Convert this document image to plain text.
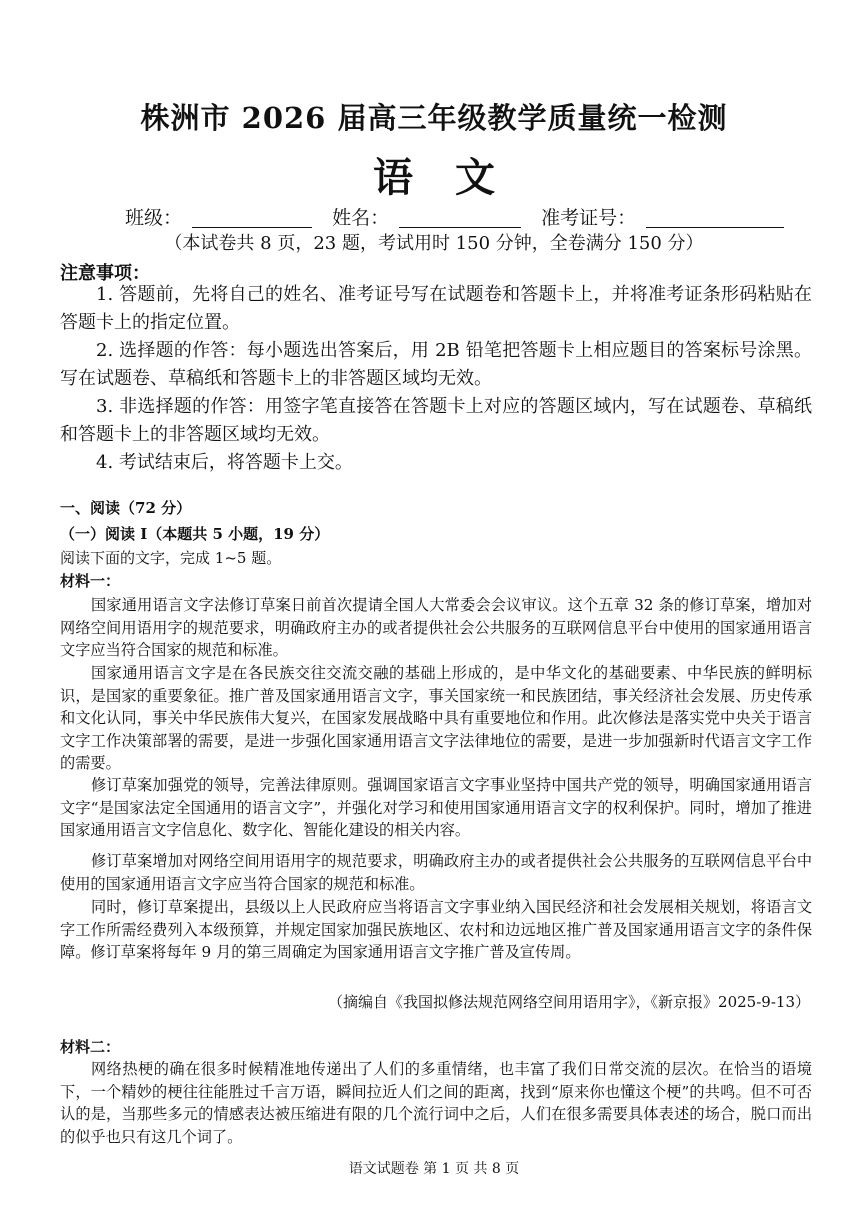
株洲市 2026 届高三年级教学质量统一检测
语文
班级：	姓名：	准考证号：
（本试卷共 8 页，23 题，考试用时 150 分钟，全卷满分 150 分）
注意事项：
1. 答题前，先将自己的姓名、准考证号写在试题卷和答题卡上，并将准考证条形码粘贴在答题卡上的指定位置。
2. 选择题的作答：每小题选出答案后，用 2B 铅笔把答题卡上相应题目的答案标号涂黑。写在试题卷、草稿纸和答题卡上的非答题区域均无效。
3. 非选择题的作答：用签字笔直接答在答题卡上对应的答题区域内，写在试题卷、草稿纸和答题卡上的非答题区域均无效。
4. 考试结束后，将答题卡上交。
一、阅读（72 分）
（一）阅读 I（本题共 5 小题，19 分）
阅读下面的文字，完成 1~5 题。
材料一：
国家通用语言文字法修订草案日前首次提请全国人大常委会会议审议。这个五章 32 条的修订草案，增加对网络空间用语用字的规范要求，明确政府主办的或者提供社会公共服务的互联网信息平台中使用的国家通用语言文字应当符合国家的规范和标准。
国家通用语言文字是在各民族交往交流交融的基础上形成的，是中华文化的基础要素、中华民族的鲜明标识，是国家的重要象征。推广普及国家通用语言文字，事关国家统一和民族团结，事关经济社会发展、历史传承和文化认同，事关中华民族伟大复兴，在国家发展战略中具有重要地位和作用。此次修法是落实党中央关于语言文字工作决策部署的需要，是进一步强化国家通用语言文字法律地位的需要，是进一步加强新时代语言文字工作的需要。
修订草案加强党的领导，完善法律原则。强调国家语言文字事业坚持中国共产党的领导，明确国家通用语言文字“是国家法定全国通用的语言文字”，并强化对学习和使用国家通用语言文字的权利保护。同时，增加了推进国家通用语言文字信息化、数字化、智能化建设的相关内容。
修订草案增加对网络空间用语用字的规范要求，明确政府主办的或者提供社会公共服务的互联网信息平台中使用的国家通用语言文字应当符合国家的规范和标准。
同时，修订草案提出，县级以上人民政府应当将语言文字事业纳入国民经济和社会发展相关规划，将语言文字工作所需经费列入本级预算，并规定国家加强民族地区、农村和边远地区推广普及国家通用语言文字的条件保障。修订草案将每年 9 月的第三周确定为国家通用语言文字推广普及宣传周。
（摘编自《我国拟修法规范网络空间用语用字》，《新京报》2025-9-13）
材料二：
网络热梗的确在很多时候精准地传递出了人们的多重情绪，也丰富了我们日常交流的层次。在恰当的语境下，一个精妙的梗往往能胜过千言万语，瞬间拉近人们之间的距离，找到“原来你也懂这个梗”的共鸣。但不可否认的是，当那些多元的情感表达被压缩进有限的几个流行词中之后，人们在很多需要具体表述的场合，脱口而出的似乎也只有这几个词了。
语文试题卷 第 1 页 共 8 页
